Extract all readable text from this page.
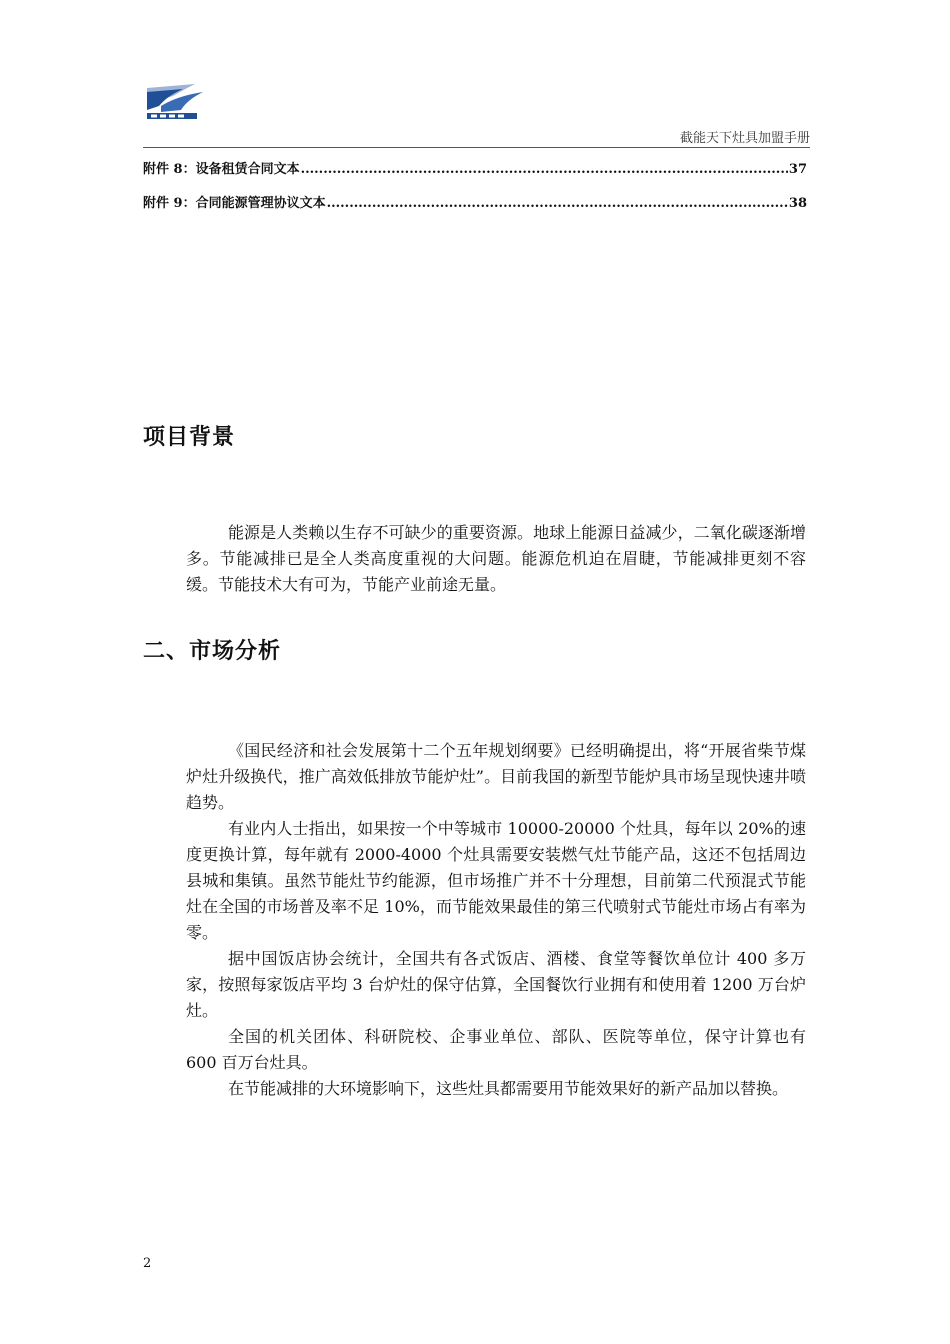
截能天下灶具加盟手册
附件 8：设备租赁合同文本 .....	37
附件 9：合同能源管理协议文本 .....	38
项目背景

能源是人类赖以生存不可缺少的重要资源。地球上能源日益减少，二氧化碳逐渐增多。节能减排已是全人类高度重视的大问题。能源危机迫在眉睫，节能减排更刻不容缓。节能技术大有可为，节能产业前途无量。

二、市场分析

《国民经济和社会发展第十二个五年规划纲要》已经明确提出，将“开展省柴节煤炉灶升级换代，推广高效低排放节能炉灶”。目前我国的新型节能炉具市场呈现快速井喷趋势。

有业内人士指出，如果按一个中等城市 10000-20000 个灶具，每年以 20%的速度更换计算，每年就有 2000-4000 个灶具需要安装燃气灶节能产品，这还不包括周边县城和集镇。虽然节能灶节约能源，但市场推广并不十分理想，目前第二代预混式节能灶在全国的市场普及率不足 10%，而节能效果最佳的第三代喷射式节能灶市场占有率为零。

据中国饭店协会统计，全国共有各式饭店、酒楼、食堂等餐饮单位计 400 多万家，按照每家饭店平均 3 台炉灶的保守估算，全国餐饮行业拥有和使用着 1200 万台炉灶。

全国的机关团体、科研院校、企事业单位、部队、医院等单位，保守计算也有 600 百万台灶具。

在节能减排的大环境影响下，这些灶具都需要用节能效果好的新产品加以替换。

2
